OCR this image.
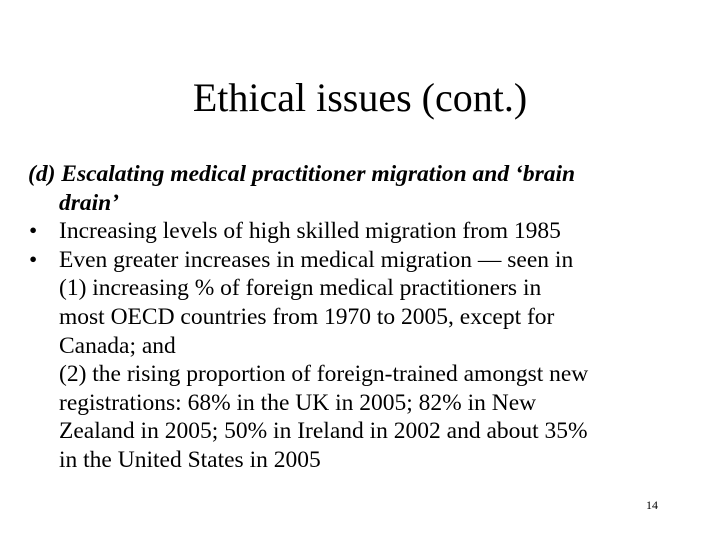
Ethical issues (cont.)
(d) Escalating medical practitioner migration and ‘brain
drain’
• Increasing levels of high skilled migration from 1985
• Even greater increases in medical migration — seen in
(1) increasing % of foreign medical practitioners in
most OECD countries from 1970 to 2005, except for
Canada; and
(2) the rising proportion of foreign-trained amongst new
registrations: 68% in the UK in 2005; 82% in New
Zealand in 2005; 50% in Ireland in 2002 and about 35%
in the United States in 2005
14
